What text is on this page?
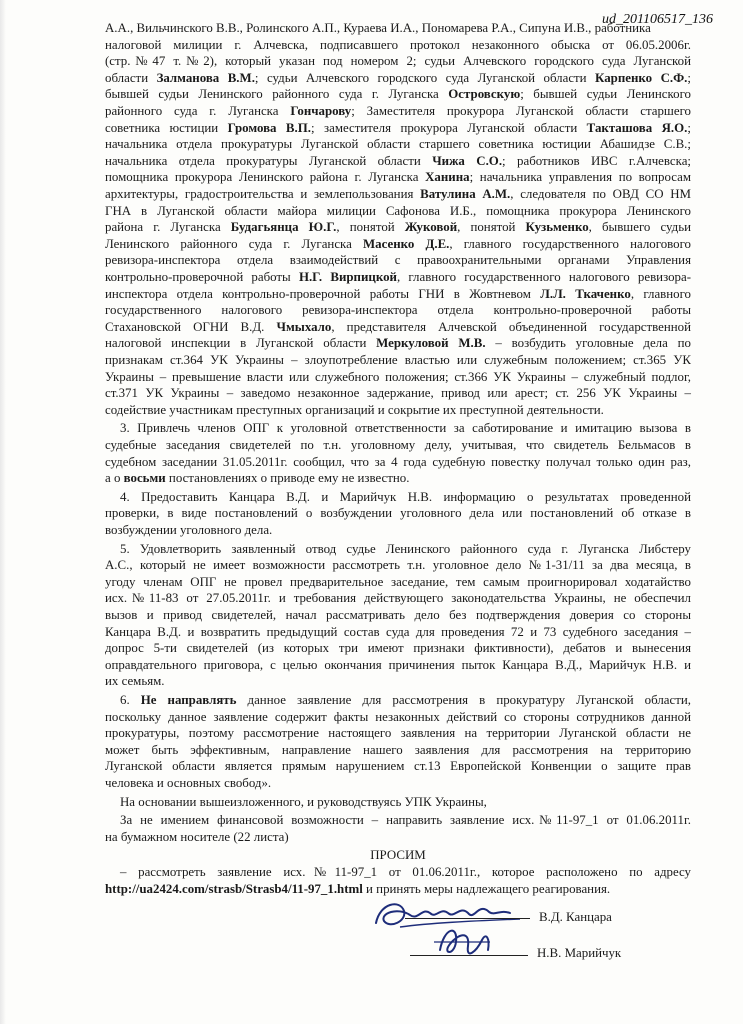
ud_201106517_136
А.А., Вильчинского В.В., Ролинского А.П., Кураева И.А., Пономарева Р.А., Сипуна И.В., работника
налоговой милиции г. Алчевска, подписавшего протокол незаконного обыска от 06.05.2006г.
(стр.№47 т.№2), который указан под номером 2; судьи Алчевского городского суда Луганской
области Залманова В.М.; судьи Алчевского городского суда Луганской области Карпенко С.Ф.;
бывшей судьи Ленинского районного суда г. Луганска Островскую; бывшей судьи Ленинского
районного суда г. Луганска Гончарову; Заместителя прокурора Луганской области старшего
советника юстиции Громова В.П.; заместителя прокурора Луганской области Такташова Я.О.;
начальника отдела прокуратуры Луганской области старшего советника юстиции Абашидзе С.В.;
начальника отдела прокуратуры Луганской области Чижа С.О.; работников ИВС г.Алчевска;
помощника прокурора Ленинского района г. Луганска Ханина; начальника управления по вопросам
архитектуры, градостроительства и землепользования Ватулина А.М., следователя по ОВД СО НМ
ГНА в Луганской области майора милиции Сафонова И.Б., помощника прокурора Ленинского
района г. Луганска Будагьянца Ю.Г., понятой Жуковой, понятой Кузьменко, бывшего судьи
Ленинского районного суда г. Луганска Масенко Д.Е., главного государственного налогового
ревизора-инспектора отдела взаимодействий с правоохранительными органами Управления
контрольно-проверочной работы Н.Г. Вирпицкой, главного государственного налогового ревизора-
инспектора отдела контрольно-проверочной работы ГНИ в Жовтневом Л.Л. Ткаченко, главного
государственного налогового ревизора-инспектора отдела контрольно-проверочной работы
Стахановской ОГНИ В.Д. Чмыхало, представителя Алчевской объединенной государственной
налоговой инспекции в Луганской области Меркуловой М.В. – возбудить уголовные дела по
признакам ст.364 УК Украины – злоупотребление властью или служебным положением; ст.365 УК
Украины – превышение власти или служебного положения; ст.366 УК Украины – служебный подлог,
ст.371 УК Украины – заведомо незаконное задержание, привод или арест; ст. 256 УК Украины –
содействие участникам преступных организаций и сокрытие их преступной деятельности.
3. Привлечь членов ОПГ к уголовной ответственности за саботирование и имитацию вызова в
судебные заседания свидетелей по т.н. уголовному делу, учитывая, что свидетель Бельмасов в
судебном заседании 31.05.2011г. сообщил, что за 4 года судебную повестку получал только один раз,
а о восьми постановлениях о приводе ему не известно.
4. Предоставить Канцара В.Д. и Марийчук Н.В. информацию о результатах проведенной
проверки, в виде постановлений о возбуждении уголовного дела или постановлений об отказе в
возбуждении уголовного дела.
5. Удовлетворить заявленный отвод судье Ленинского районного суда г. Луганска Либстеру
А.С., который не имеет возможности рассмотреть т.н. уголовное дело №1-31/11 за два месяца, в
угоду членам ОПГ не провел предварительное заседание, тем самым проигнорировал ходатайство
исх.№11-83 от 27.05.2011г. и требования действующего законодательства Украины, не обеспечил
вызов и привод свидетелей, начал рассматривать дело без подтверждения доверия со стороны
Канцара В.Д. и возвратить предыдущий состав суда для проведения 72 и 73 судебного заседания –
допрос 5-ти свидетелей (из которых три имеют признаки фиктивности), дебатов и вынесения
оправдательного приговора, с целью окончания причинения пыток Канцара В.Д., Марийчук Н.В. и
их семьям.
6. Не направлять данное заявление для рассмотрения в прокуратуру Луганской области,
поскольку данное заявление содержит факты незаконных действий со стороны сотрудников данной
прокуратуры, поэтому рассмотрение настоящего заявления на территории Луганской области не
может быть эффективным, направление нашего заявления для рассмотрения на территорию
Луганской области является прямым нарушением ст.13 Европейской Конвенции о защите прав
человека и основных свобод».
На основании вышеизложенного, и руководствуясь УПК Украины,
За не имением финансовой возможности – направить заявление исх.№11-97_1 от 01.06.2011г.
на бумажном носителе (22 листа)
ПРОСИМ
– рассмотреть заявление исх.№11-97_1 от 01.06.2011г., которое расположено по адресу
http://ua2424.com/strasb/Strasb4/11-97_1.html и принять меры надлежащего реагирования.
В.Д. Канцара
Н.В. Марийчук
